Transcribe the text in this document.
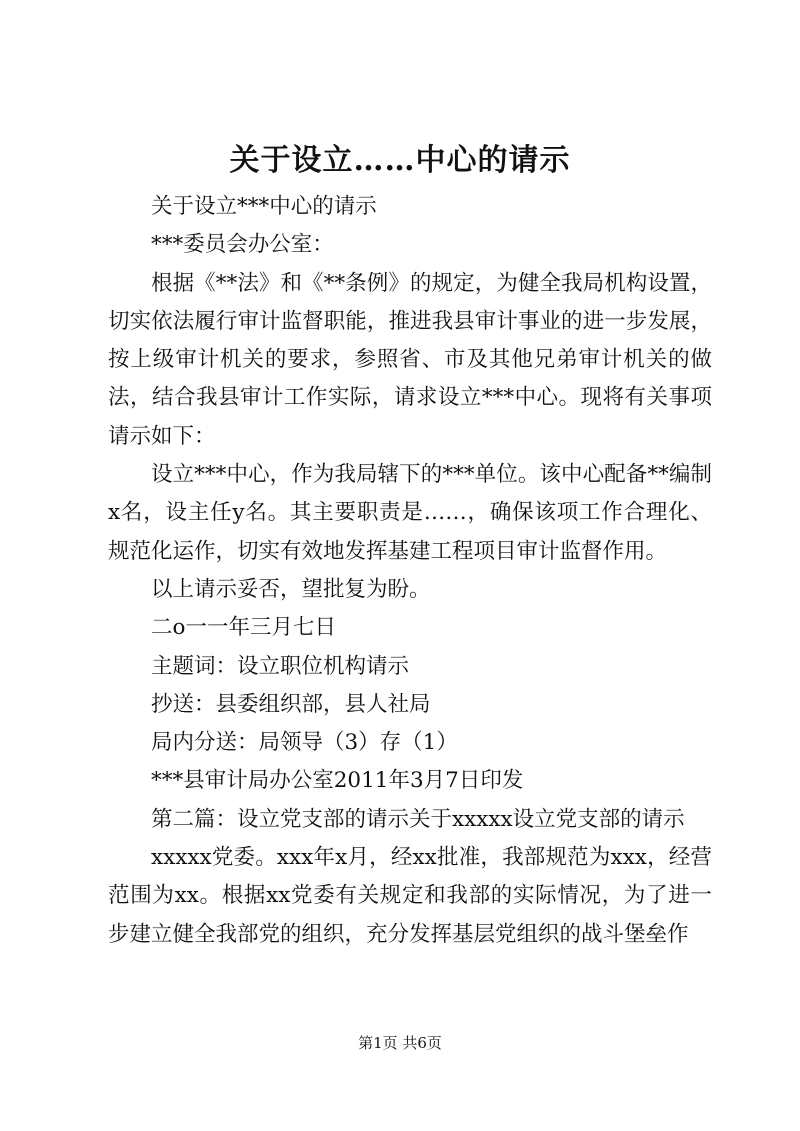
关于设立……中心的请示

关于设立***中心的请示

***委员会办公室：

根据《**法》和《**条例》的规定，为健全我局机构设置，切实依法履行审计监督职能，推进我县审计事业的进一步发展，按上级审计机关的要求，参照省、市及其他兄弟审计机关的做法，结合我县审计工作实际，请求设立***中心。现将有关事项请示如下：

设立***中心，作为我局辖下的***单位。该中心配备**编制x名，设主任y名。其主要职责是……，确保该项工作合理化、规范化运作，切实有效地发挥基建工程项目审计监督作用。

以上请示妥否，望批复为盼。

二o一一年三月七日

主题词：设立职位机构请示

抄送：县委组织部，县人社局

局内分送：局领导（3）存（1）

***县审计局办公室2011年3月7日印发

第二篇：设立党支部的请示关于xxxxx设立党支部的请示

xxxxx党委。xxx年x月，经xx批准，我部规范为xxx，经营范围为xx。根据xx党委有关规定和我部的实际情况，为了进一步建立健全我部党的组织，充分发挥基层党组织的战斗堡垒作

第1页 共6页
